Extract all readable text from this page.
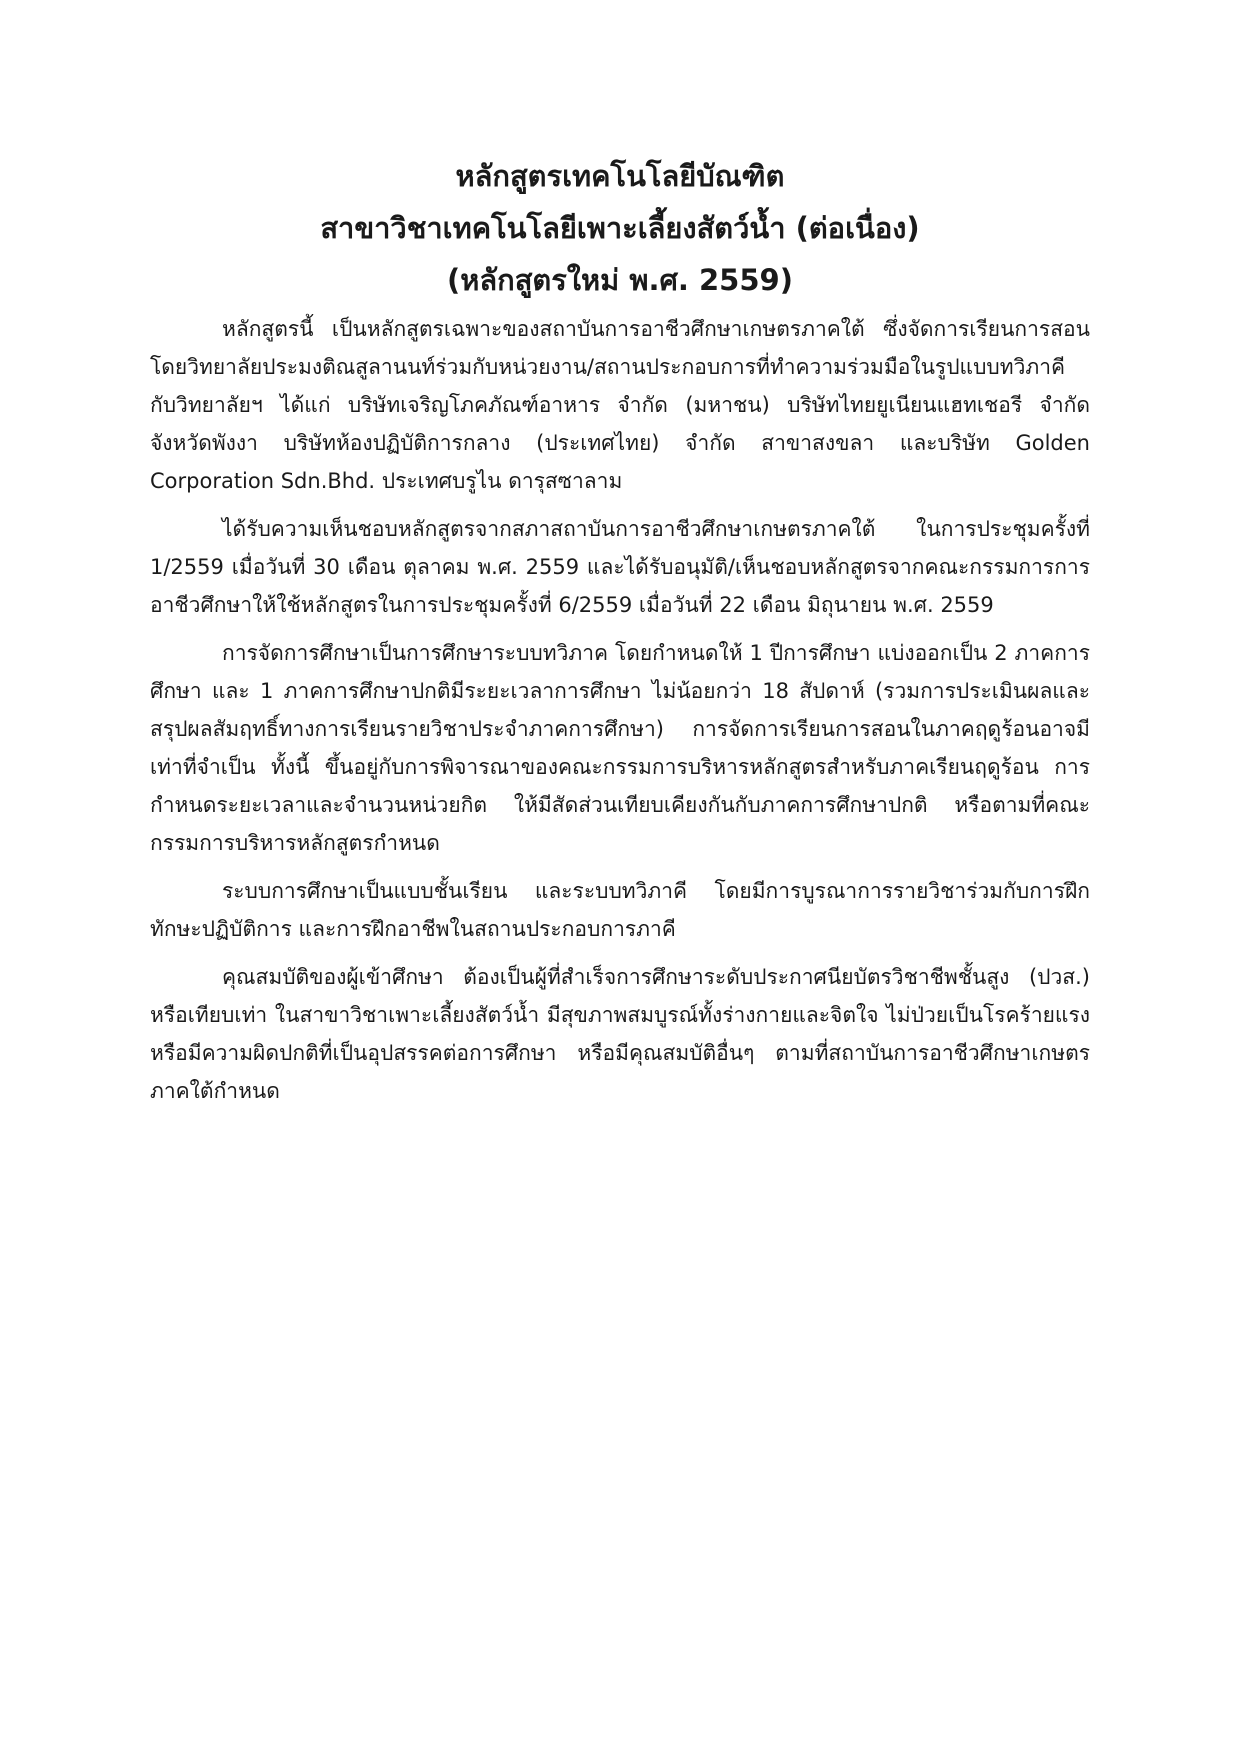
หลักสูตรเทคโนโลยีบัณฑิต

สาขาวิชาเทคโนโลยีเพาะเลี้ยงสัตว์น้ำ (ต่อเนื่อง)

(หลักสูตรใหม่ พ.ศ. 2559)

หลักสูตรนี้ เป็นหลักสูตรเฉพาะของสถาบันการอาชีวศึกษาเกษตรภาคใต้ ซึ่งจัดการเรียนการสอนโดยวิทยาลัยประมงติณสูลานนท์ร่วมกับหน่วยงาน/สถานประกอบการที่ทำความร่วมมือในรูปแบบทวิภาคีกับวิทยาลัยฯ ได้แก่ บริษัทเจริญโภคภัณฑ์อาหาร จำกัด (มหาชน) บริษัทไทยยูเนียนแฮทเชอรี จำกัด จังหวัดพังงา บริษัทห้องปฏิบัติการกลาง (ประเทศไทย) จำกัด สาขาสงขลา และบริษัท Golden Corporation Sdn.Bhd. ประเทศบรูไน ดารุสซาลาม

ได้รับความเห็นชอบหลักสูตรจากสภาสถาบันการอาชีวศึกษาเกษตรภาคใต้ ในการประชุมครั้งที่ 1/2559 เมื่อวันที่ 30 เดือน ตุลาคม พ.ศ. 2559 และได้รับอนุมัติ/เห็นชอบหลักสูตรจากคณะกรรมการการอาชีวศึกษาให้ใช้หลักสูตรในการประชุมครั้งที่ 6/2559 เมื่อวันที่ 22 เดือน มิถุนายน พ.ศ. 2559

การจัดการศึกษาเป็นการศึกษาระบบทวิภาค โดยกำหนดให้ 1 ปีการศึกษา แบ่งออกเป็น 2 ภาคการศึกษา และ 1 ภาคการศึกษาปกติมีระยะเวลาการศึกษา ไม่น้อยกว่า 18 สัปดาห์ (รวมการประเมินผลและสรุปผลสัมฤทธิ์ทางการเรียนรายวิชาประจำภาคการศึกษา) การจัดการเรียนการสอนในภาคฤดูร้อนอาจมีเท่าที่จำเป็น ทั้งนี้ ขึ้นอยู่กับการพิจารณาของคณะกรรมการบริหารหลักสูตรสำหรับภาคเรียนฤดูร้อน การกำหนดระยะเวลาและจำนวนหน่วยกิต ให้มีสัดส่วนเทียบเคียงกันกับภาคการศึกษาปกติ หรือตามที่คณะกรรมการบริหารหลักสูตรกำหนด

ระบบการศึกษาเป็นแบบชั้นเรียน และระบบทวิภาคี โดยมีการบูรณาการรายวิชาร่วมกับการฝึกทักษะปฏิบัติการ และการฝึกอาชีพในสถานประกอบการภาคี

คุณสมบัติของผู้เข้าศึกษา ต้องเป็นผู้ที่สำเร็จการศึกษาระดับประกาศนียบัตรวิชาชีพชั้นสูง (ปวส.) หรือเทียบเท่า ในสาขาวิชาเพาะเลี้ยงสัตว์น้ำ มีสุขภาพสมบูรณ์ทั้งร่างกายและจิตใจ ไม่ป่วยเป็นโรคร้ายแรง หรือมีความผิดปกติที่เป็นอุปสรรคต่อการศึกษา หรือมีคุณสมบัติอื่นๆ ตามที่สถาบันการอาชีวศึกษาเกษตรภาคใต้กำหนด
